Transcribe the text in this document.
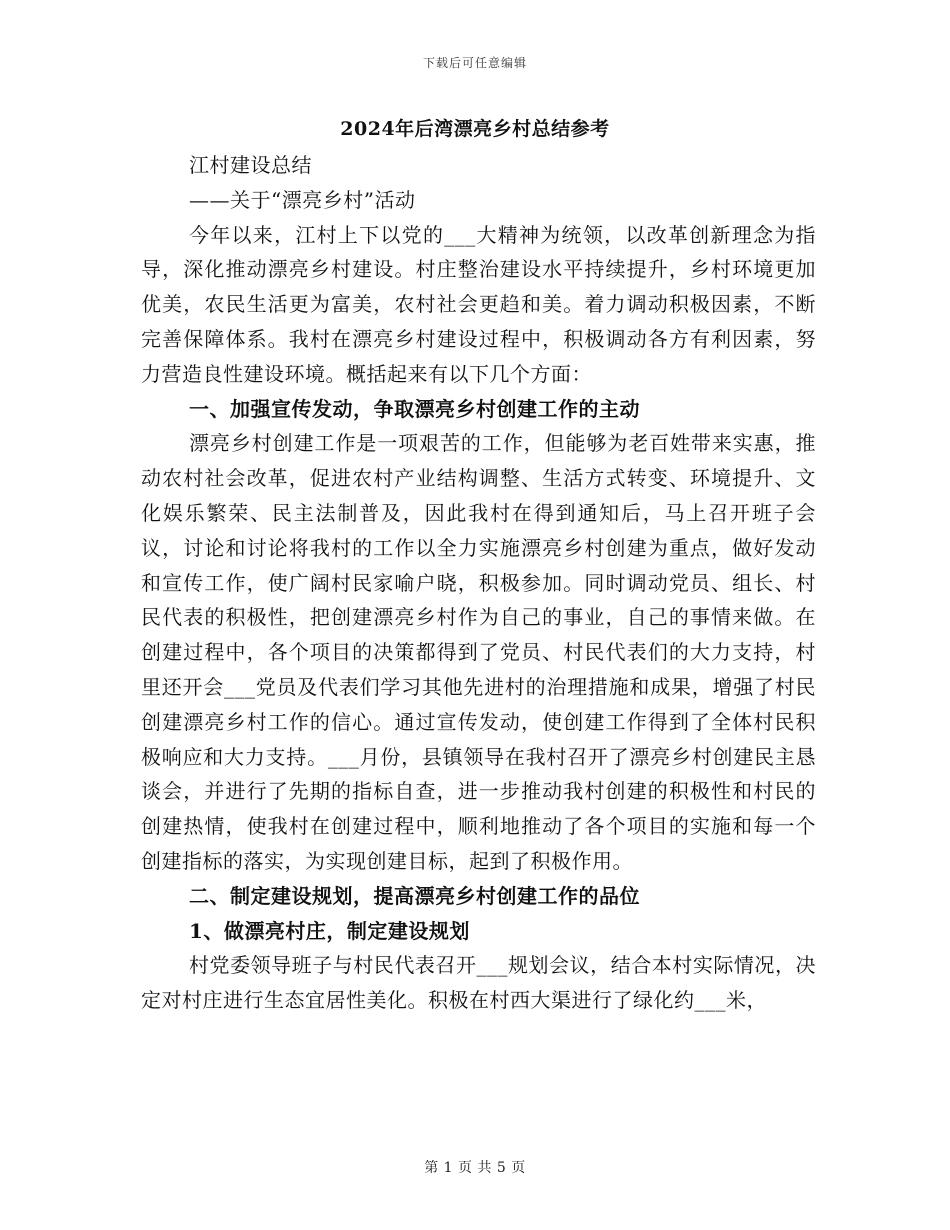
下载后可任意编辑
2024年后湾漂亮乡村总结参考

江村建设总结

——关于“漂亮乡村”活动

今年以来，江村上下以党的___大精神为统领，以改革创新理念为指导，深化推动漂亮乡村建设。村庄整治建设水平持续提升，乡村环境更加优美，农民生活更为富美，农村社会更趋和美。着力调动积极因素，不断完善保障体系。我村在漂亮乡村建设过程中，积极调动各方有利因素，努力营造良性建设环境。概括起来有以下几个方面：

一、加强宣传发动，争取漂亮乡村创建工作的主动

漂亮乡村创建工作是一项艰苦的工作，但能够为老百姓带来实惠，推动农村社会改革，促进农村产业结构调整、生活方式转变、环境提升、文化娱乐繁荣、民主法制普及，因此我村在得到通知后，马上召开班子会议，讨论和讨论将我村的工作以全力实施漂亮乡村创建为重点，做好发动和宣传工作，使广阔村民家喻户晓，积极参加。同时调动党员、组长、村民代表的积极性，把创建漂亮乡村作为自己的事业，自己的事情来做。在创建过程中，各个项目的决策都得到了党员、村民代表们的大力支持，村里还开会___党员及代表们学习其他先进村的治理措施和成果，增强了村民创建漂亮乡村工作的信心。通过宣传发动，使创建工作得到了全体村民积极响应和大力支持。___月份，县镇领导在我村召开了漂亮乡村创建民主恳谈会，并进行了先期的指标自查，进一步推动我村创建的积极性和村民的创建热情，使我村在创建过程中，顺利地推动了各个项目的实施和每一个创建指标的落实，为实现创建目标，起到了积极作用。

二、制定建设规划，提高漂亮乡村创建工作的品位

1、做漂亮村庄，制定建设规划

村党委领导班子与村民代表召开___规划会议，结合本村实际情况，决定对村庄进行生态宜居性美化。积极在村西大渠进行了绿化约___米，

第 1 页 共 5 页
